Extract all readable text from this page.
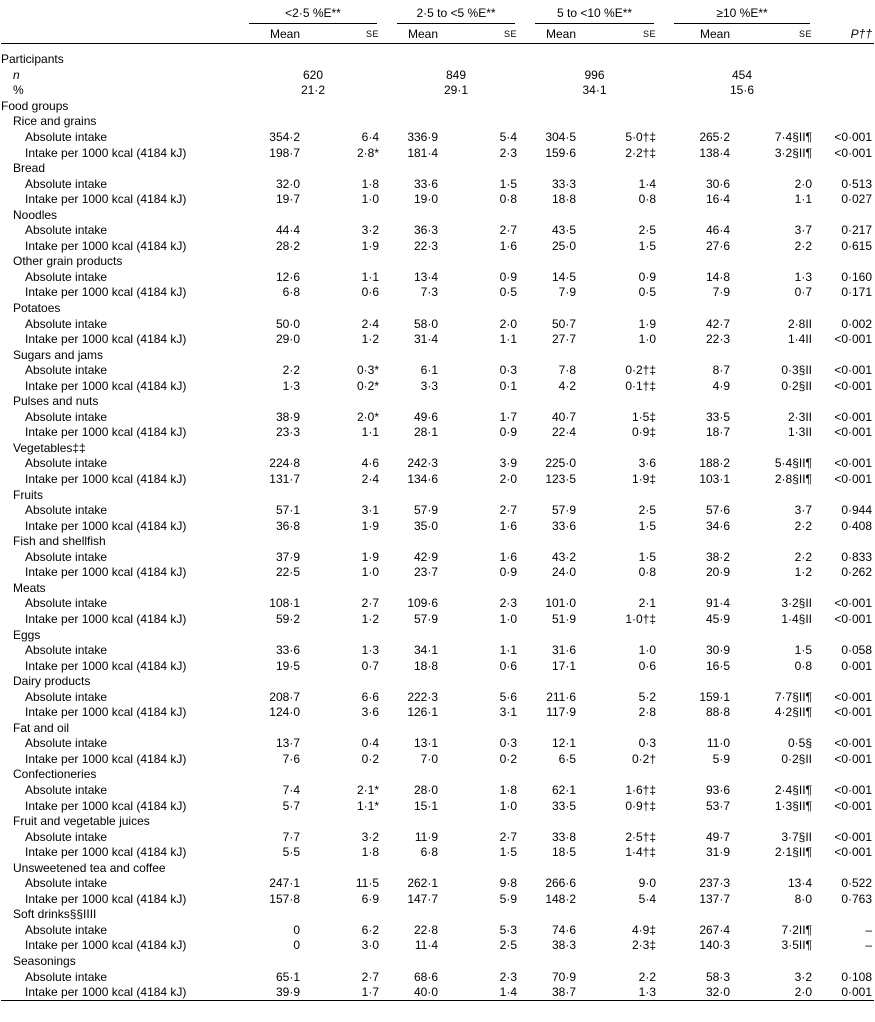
	<2·5 %E**		2·5 to <5 %E**		5 to <10 %E**		≥10 %E**		

	Mean	SE	Mean	SE	Mean	SE	Mean	SE	P††

Participants									
n	620		849		996		454		
%	21·2		29·1		34·1		15·6		
Food groups									
Rice and grains									
Absolute intake	354·2	6·4	336·9	5·4	304·5	5·0†‡	265·2	7·4§II¶	<0·001
Intake per 1000 kcal (4184 kJ)	198·7	2·8*	181·4	2·3	159·6	2·2†‡	138·4	3·2§II¶	<0·001
Bread									
Absolute intake	32·0	1·8	33·6	1·5	33·3	1·4	30·6	2·0	0·513
Intake per 1000 kcal (4184 kJ)	19·7	1·0	19·0	0·8	18·8	0·8	16·4	1·1	0·027
Noodles									
Absolute intake	44·4	3·2	36·3	2·7	43·5	2·5	46·4	3·7	0·217
Intake per 1000 kcal (4184 kJ)	28·2	1·9	22·3	1·6	25·0	1·5	27·6	2·2	0·615
Other grain products									
Absolute intake	12·6	1·1	13·4	0·9	14·5	0·9	14·8	1·3	0·160
Intake per 1000 kcal (4184 kJ)	6·8	0·6	7·3	0·5	7·9	0·5	7·9	0·7	0·171
Potatoes									
Absolute intake	50·0	2·4	58·0	2·0	50·7	1·9	42·7	2·8II	0·002
Intake per 1000 kcal (4184 kJ)	29·0	1·2	31·4	1·1	27·7	1·0	22·3	1·4II	<0·001
Sugars and jams									
Absolute intake	2·2	0·3*	6·1	0·3	7·8	0·2†‡	8·7	0·3§II	<0·001
Intake per 1000 kcal (4184 kJ)	1·3	0·2*	3·3	0·1	4·2	0·1†‡	4·9	0·2§II	<0·001
Pulses and nuts									
Absolute intake	38·9	2·0*	49·6	1·7	40·7	1·5‡	33·5	2·3II	<0·001
Intake per 1000 kcal (4184 kJ)	23·3	1·1	28·1	0·9	22·4	0·9‡	18·7	1·3II	<0·001
Vegetables‡‡									
Absolute intake	224·8	4·6	242·3	3·9	225·0	3·6	188·2	5·4§II¶	<0·001
Intake per 1000 kcal (4184 kJ)	131·7	2·4	134·6	2·0	123·5	1·9‡	103·1	2·8§II¶	<0·001
Fruits									
Absolute intake	57·1	3·1	57·9	2·7	57·9	2·5	57·6	3·7	0·944
Intake per 1000 kcal (4184 kJ)	36·8	1·9	35·0	1·6	33·6	1·5	34·6	2·2	0·408
Fish and shellfish									
Absolute intake	37·9	1·9	42·9	1·6	43·2	1·5	38·2	2·2	0·833
Intake per 1000 kcal (4184 kJ)	22·5	1·0	23·7	0·9	24·0	0·8	20·9	1·2	0·262
Meats									
Absolute intake	108·1	2·7	109·6	2·3	101·0	2·1	91·4	3·2§II	<0·001
Intake per 1000 kcal (4184 kJ)	59·2	1·2	57·9	1·0	51·9	1·0†‡	45·9	1·4§II	<0·001
Eggs									
Absolute intake	33·6	1·3	34·1	1·1	31·6	1·0	30·9	1·5	0·058
Intake per 1000 kcal (4184 kJ)	19·5	0·7	18·8	0·6	17·1	0·6	16·5	0·8	0·001
Dairy products									
Absolute intake	208·7	6·6	222·3	5·6	211·6	5·2	159·1	7·7§II¶	<0·001
Intake per 1000 kcal (4184 kJ)	124·0	3·6	126·1	3·1	117·9	2·8	88·8	4·2§II¶	<0·001
Fat and oil									
Absolute intake	13·7	0·4	13·1	0·3	12·1	0·3	11·0	0·5§	<0·001
Intake per 1000 kcal (4184 kJ)	7·6	0·2	7·0	0·2	6·5	0·2†	5·9	0·2§II	<0·001
Confectioneries									
Absolute intake	7·4	2·1*	28·0	1·8	62·1	1·6†‡	93·6	2·4§II¶	<0·001
Intake per 1000 kcal (4184 kJ)	5·7	1·1*	15·1	1·0	33·5	0·9†‡	53·7	1·3§II¶	<0·001
Fruit and vegetable juices									
Absolute intake	7·7	3·2	11·9	2·7	33·8	2·5†‡	49·7	3·7§II	<0·001
Intake per 1000 kcal (4184 kJ)	5·5	1·8	6·8	1·5	18·5	1·4†‡	31·9	2·1§II¶	<0·001
Unsweetened tea and coffee									
Absolute intake	247·1	11·5	262·1	9·8	266·6	9·0	237·3	13·4	0·522
Intake per 1000 kcal (4184 kJ)	157·8	6·9	147·7	5·9	148·2	5·4	137·7	8·0	0·763
Soft drinks§§IIII									
Absolute intake	0	6·2	22·8	5·3	74·6	4·9‡	267·4	7·2II¶	–
Intake per 1000 kcal (4184 kJ)	0	3·0	11·4	2·5	38·3	2·3‡	140·3	3·5II¶	–
Seasonings									
Absolute intake	65·1	2·7	68·6	2·3	70·9	2·2	58·3	3·2	0·108
Intake per 1000 kcal (4184 kJ)	39·9	1·7	40·0	1·4	38·7	1·3	32·0	2·0	0·001
